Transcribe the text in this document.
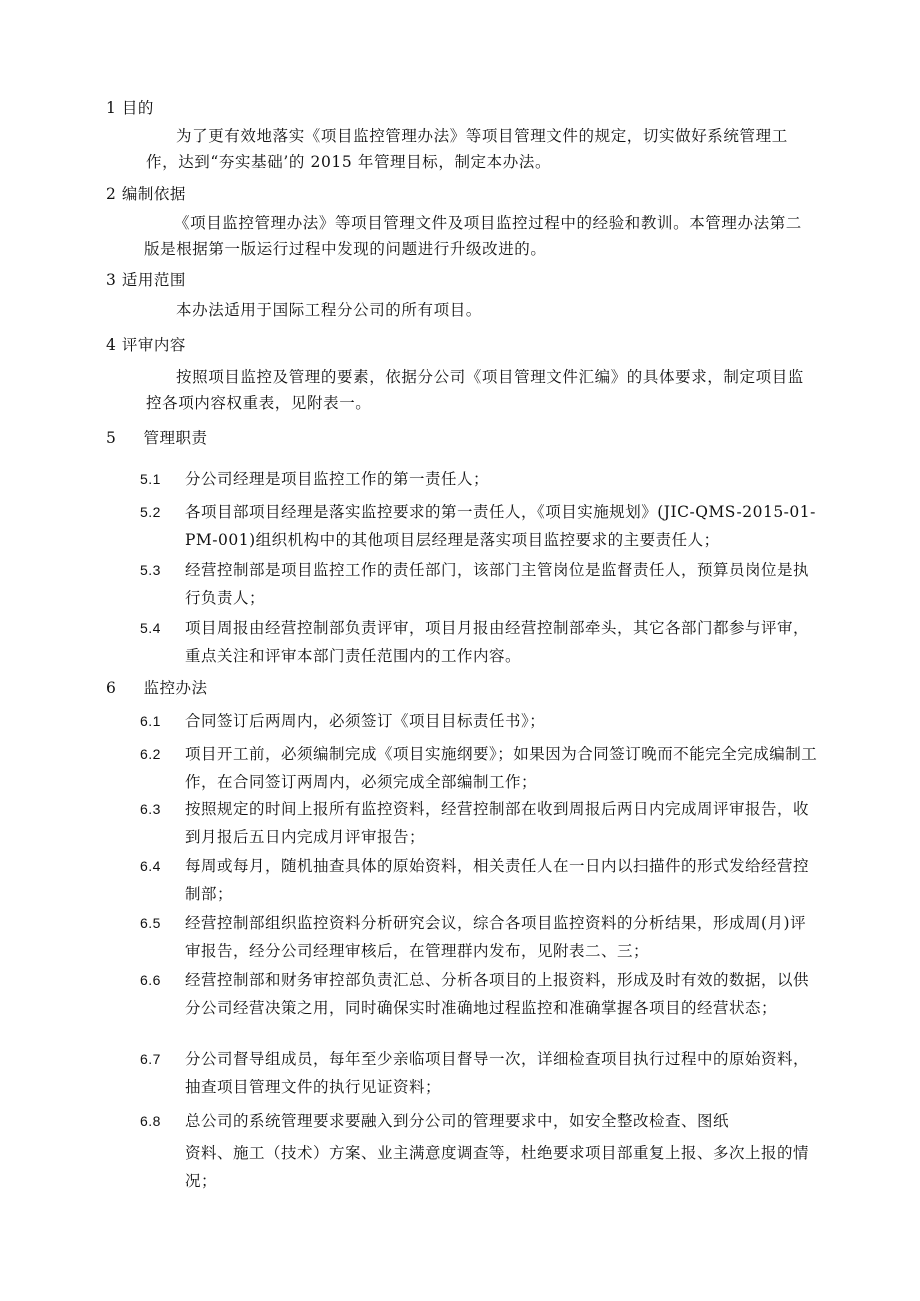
1 目的
为了更有效地落实《项目监控管理办法》等项目管理文件的规定，切实做好系统管理工作，达到“夯实基础’的 2015 年管理目标，制定本办法。
2 编制依据
《项目监控管理办法》等项目管理文件及项目监控过程中的经验和教训。本管理办法第二版是根据第一版运行过程中发现的问题进行升级改进的。
3 适用范围
本办法适用于国际工程分公司的所有项目。
4 评审内容
按照项目监控及管理的要素，依据分公司《项目管理文件汇编》的具体要求，制定项目监控各项内容权重表，见附表一。
5 管理职责
5.1	分公司经理是项目监控工作的第一责任人；
5.2	各项目部项目经理是落实监控要求的第一责任人，《项目实施规划》(JIC-QMS-2015-01-PM-001)组织机构中的其他项目层经理是落实项目监控要求的主要责任人；
5.3	经营控制部是项目监控工作的责任部门，该部门主管岗位是监督责任人，预算员岗位是执行负责人；
5.4	项目周报由经营控制部负责评审，项目月报由经营控制部牵头，其它各部门都参与评审，重点关注和评审本部门责任范围内的工作内容。
6 监控办法
6.1	合同签订后两周内，必须签订《项目目标责任书》；
6.2	项目开工前，必须编制完成《项目实施纲要》；如果因为合同签订晚而不能完全完成编制工作，在合同签订两周内，必须完成全部编制工作；
6.3	按照规定的时间上报所有监控资料，经营控制部在收到周报后两日内完成周评审报告，收到月报后五日内完成月评审报告；
6.4	每周或每月，随机抽查具体的原始资料，相关责任人在一日内以扫描件的形式发给经营控制部；
6.5	经营控制部组织监控资料分析研究会议，综合各项目监控资料的分析结果，形成周(月)评审报告，经分公司经理审核后，在管理群内发布，见附表二、三；
6.6	经营控制部和财务审控部负责汇总、分析各项目的上报资料，形成及时有效的数据，以供分公司经营决策之用，同时确保实时准确地过程监控和准确掌握各项目的经营状态；
6.7	分公司督导组成员，每年至少亲临项目督导一次，详细检查项目执行过程中的原始资料，抽查项目管理文件的执行见证资料；
6.8	总公司的系统管理要求要融入到分公司的管理要求中，如安全整改检查、图纸
资料、施工（技术）方案、业主满意度调查等，杜绝要求项目部重复上报、多次上报的情况；
